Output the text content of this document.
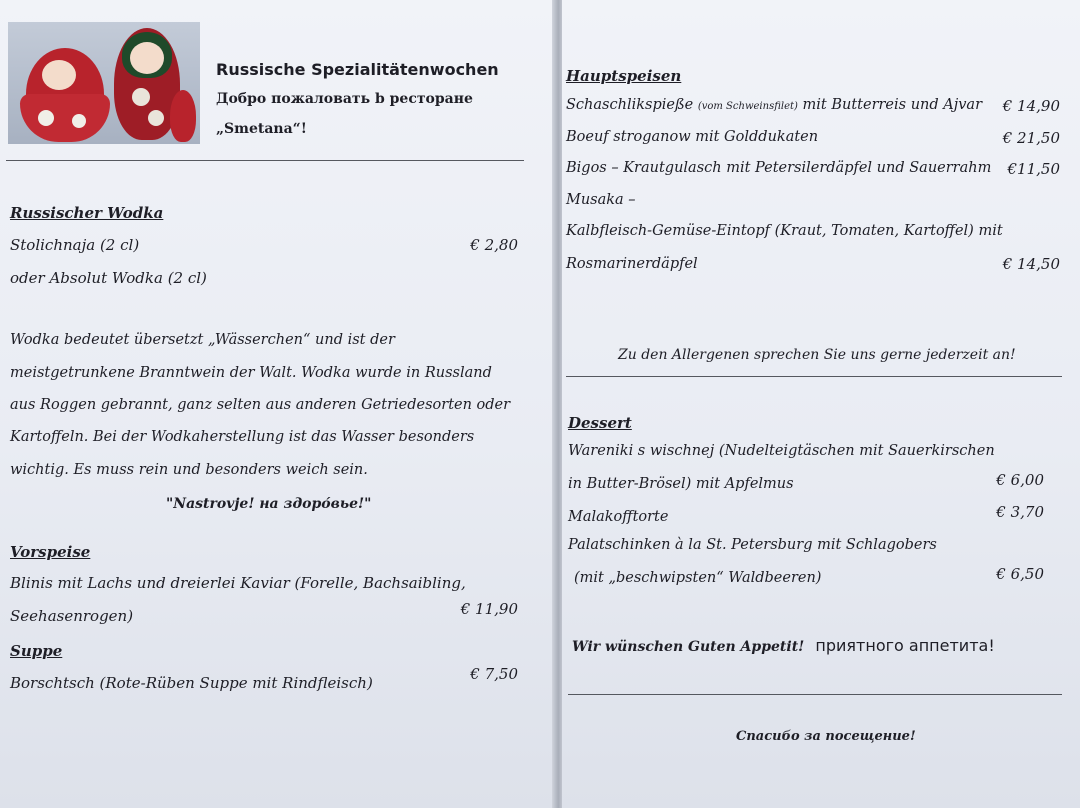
Russische Spezialitätenwochen
Добро пожаловать b ресторане
„Smetana“!
Russischer Wodka
Stolichnaja (2 cl)	€ 2,80
oder Absolut Wodka (2 cl)
Wodka bedeutet übersetzt „Wässerchen“ und ist der
meistgetrunkene Branntwein der Walt. Wodka wurde in Russland
aus Roggen gebrannt, ganz selten aus anderen Getriedesorten oder
Kartoffeln. Bei der Wodkaherstellung ist das Wasser besonders
wichtig. Es muss rein und besonders weich sein.
"Nastrovje! на здоро́вье!"
Vorspeise
Blinis mit Lachs und dreierlei Kaviar (Forelle, Bachsaibling,
Seehasenrogen)	€ 11,90
Suppe
Borschtsch (Rote-Rüben Suppe mit Rindfleisch)	€ 7,50
Hauptspeisen
Schaschlikspieße (vom Schweinsfilet) mit Butterreis und Ajvar	€ 14,90
Boeuf stroganow mit Golddukaten	€ 21,50
Bigos – Krautgulasch mit Petersilerdäpfel und Sauerrahm	€11,50
Musaka –
Kalbfleisch-Gemüse-Eintopf (Kraut, Tomaten, Kartoffel) mit
Rosmarinerdäpfel	€ 14,50
Zu den Allergenen sprechen Sie uns gerne jederzeit an!
Dessert
Wareniki s wischnej (Nudelteigtäschen mit Sauerkirschen
in Butter-Brösel) mit Apfelmus	€ 6,00
Malakofftorte	€ 3,70
Palatschinken à la St. Petersburg mit Schlagobers
(mit „beschwipsten“ Waldbeeren)	€ 6,50
Wir wünschen Guten Appetit! приятного аппетита!
Спасибо за посещение!
